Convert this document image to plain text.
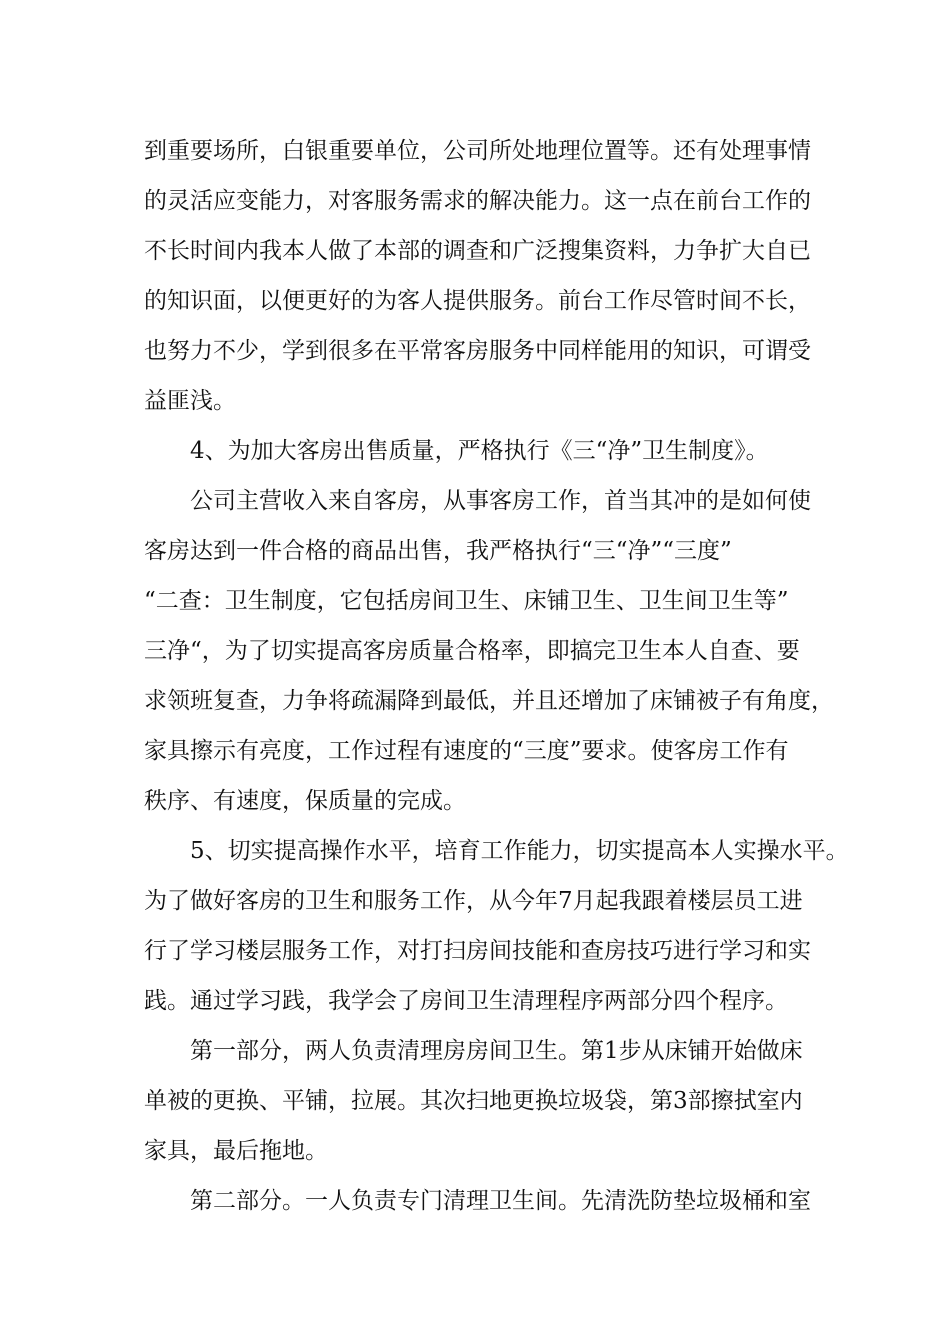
到重要场所，白银重要单位，公司所处地理位置等。还有处理事情
的灵活应变能力，对客服务需求的解决能力。这一点在前台工作的
不长时间内我本人做了本部的调查和广泛搜集资料，力争扩大自已
的知识面，以便更好的为客人提供服务。前台工作尽管时间不长，
也努力不少，学到很多在平常客房服务中同样能用的知识，可谓受
益匪浅。
4、为加大客房出售质量，严格执行《三“净”卫生制度》。
公司主营收入来自客房，从事客房工作，首当其冲的是如何使
客房达到一件合格的商品出售，我严格执行“三“净”“三度”
“二查：卫生制度，它包括房间卫生、床铺卫生、卫生间卫生等”
三净“，为了切实提高客房质量合格率，即搞完卫生本人自查、要
求领班复查，力争将疏漏降到最低，并且还增加了床铺被子有角度，
家具擦示有亮度，工作过程有速度的“三度”要求。使客房工作有
秩序、有速度，保质量的完成。
5、切实提高操作水平，培育工作能力，切实提高本人实操水平。
为了做好客房的卫生和服务工作，从今年7月起我跟着楼层员工进
行了学习楼层服务工作，对打扫房间技能和查房技巧进行学习和实
践。通过学习践，我学会了房间卫生清理程序两部分四个程序。
第一部分，两人负责清理房房间卫生。第1步从床铺开始做床
单被的更换、平铺，拉展。其次扫地更换垃圾袋，第3部擦拭室内
家具，最后拖地。
第二部分。一人负责专门清理卫生间。先清洗防垫垃圾桶和室
